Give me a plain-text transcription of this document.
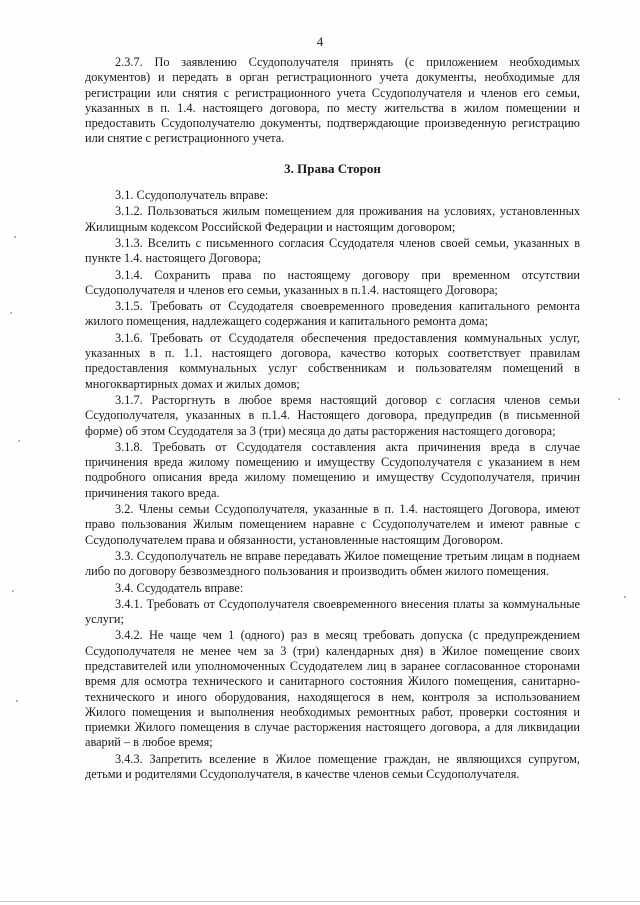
4

2.3.7. По заявлению Ссудополучателя принять (с приложением необходимых документов) и передать в орган регистрационного учета документы, необходимые для регистрации или снятия с регистрационного учета Ссудополучателя и членов его семьи, указанных в п. 1.4. настоящего договора, по месту жительства в жилом помещении и предоставить Ссудополучателю документы, подтверждающие произведенную регистрацию или снятие с регистрационного учета.

3. Права Сторон

3.1. Ссудополучатель вправе:

3.1.2. Пользоваться жилым помещением для проживания на условиях, установленных Жилищным кодексом Российской Федерации и настоящим договором;

3.1.3. Вселить с письменного согласия Ссудодателя членов своей семьи, указанных в пункте 1.4. настоящего Договора;

3.1.4. Сохранить права по настоящему договору при временном отсутствии Ссудополучателя и членов его семьи, указанных в п.1.4. настоящего Договора;

3.1.5. Требовать от Ссудодателя своевременного проведения капитального ремонта жилого помещения, надлежащего содержания и капитального ремонта дома;

3.1.6. Требовать от Ссудодателя обеспечения предоставления коммунальных услуг, указанных в п. 1.1. настоящего договора, качество которых соответствует правилам предоставления коммунальных услуг собственникам и пользователям помещений в многоквартирных домах и жилых домов;

3.1.7. Расторгнуть в любое время настоящий договор с согласия членов семьи Ссудополучателя, указанных в п.1.4. Настоящего договора, предупредив (в письменной форме) об этом Ссудодателя за 3 (три) месяца до даты расторжения настоящего договора;

3.1.8. Требовать от Ссудодателя составления акта причинения вреда в случае причинения вреда жилому помещению и имуществу Ссудополучателя с указанием в нем подробного описания вреда жилому помещению и имуществу Ссудополучателя, причин причинения такого вреда.

3.2. Члены семьи Ссудополучателя, указанные в п. 1.4. настоящего Договора, имеют право пользования Жилым помещением наравне с Ссудополучателем и имеют равные с Ссудополучателем права и обязанности, установленные настоящим Договором.

3.3. Ссудополучатель не вправе передавать Жилое помещение третьим лицам в поднаем либо по договору безвозмездного пользования и производить обмен жилого помещения.

3.4. Ссудодатель вправе:

3.4.1. Требовать от Ссудополучателя своевременного внесения платы за коммунальные услуги;

3.4.2. Не чаще чем 1 (одного) раз в месяц требовать допуска (с предупреждением Ссудополучателя не менее чем за 3 (три) календарных дня) в Жилое помещение своих представителей или уполномоченных Ссудодателем лиц в заранее согласованное сторонами время для осмотра технического и санитарного состояния Жилого помещения, санитарно-технического и иного оборудования, находящегося в нем, контроля за использованием Жилого помещения и выполнения необходимых ремонтных работ, проверки состояния и приемки Жилого помещения в случае расторжения настоящего договора, а для ликвидации аварий – в любое время;

3.4.3. Запретить вселение в Жилое помещение граждан, не являющихся супругом, детьми и родителями Ссудополучателя, в качестве членов семьи Ссудополучателя.
